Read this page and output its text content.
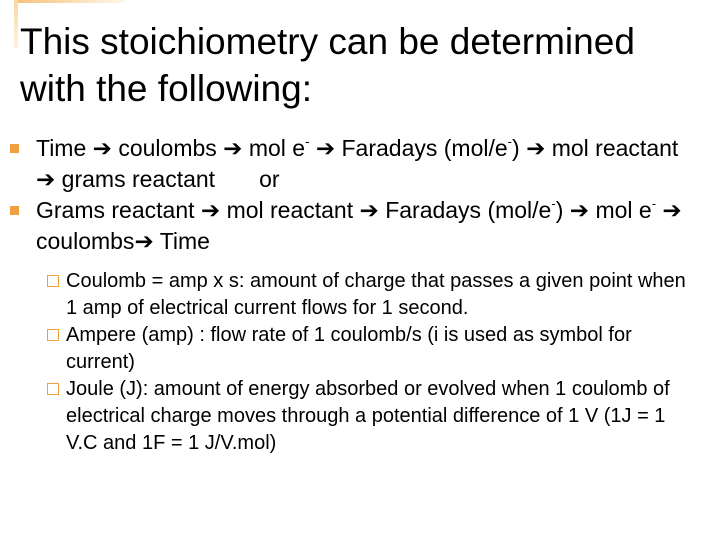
This stoichiometry can be determined with the following:

Time ➔ coulombs ➔ mol e- ➔ Faradays (mol/e-) ➔ mol reactant ➔ grams reactant or

Grams reactant ➔ mol reactant ➔ Faradays (mol/e-) ➔ mol e- ➔coulombs➔ Time

Coulomb = amp x s: amount of charge that passes a given point when 1 amp of electrical current flows for 1 second.

Ampere (amp) : flow rate of 1 coulomb/s (i is used as symbol for current)

Joule (J): amount of energy absorbed or evolved when 1 coulomb of electrical charge moves through a potential difference of 1 V (1J = 1 V.C and 1F = 1 J/V.mol)
